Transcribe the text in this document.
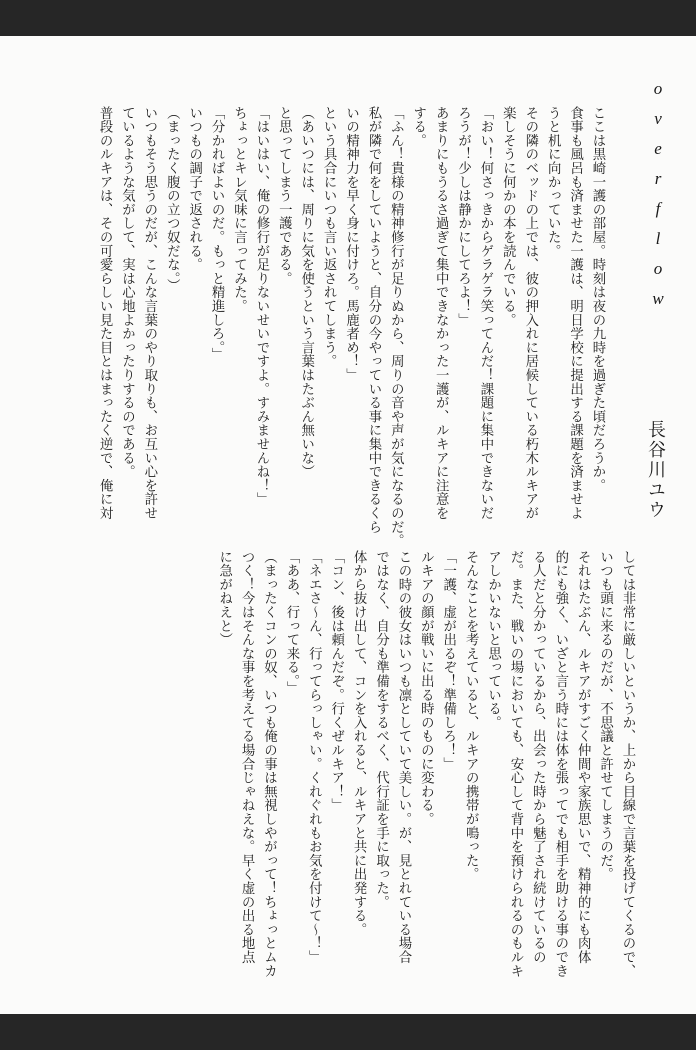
o
v
e
r
f
l
o
w
長谷川ユウ
ここは黒崎一護の部屋。時刻は夜の九時を過ぎた頃だろうか。
食事も風呂も済ませた一護は、明日学校に提出する課題を済ませよ
うと机に向かっていた。
その隣のベッドの上では、彼の押入れに居候している朽木ルキアが
楽しそうに何かの本を読んでいる。
「おい！何さっきからゲラゲラ笑ってんだ！課題に集中できないだ
ろうが！少しは静かにしてろよ！」
あまりにもうるさ過ぎて集中できなかった一護が、ルキアに注意を
する。
「ふん！貴様の精神修行が足りぬから、周りの音や声が気になるのだ。
私が隣で何をしていようと、自分の今やっている事に集中できるくら
いの精神力を早く身に付けろ。馬鹿者め！」
という具合にいつも言い返されてしまう。
（あいつには、周りに気を使うという言葉はたぶん無いな）
と思ってしまう一護である。
「はいはい、俺の修行が足りないせいですよ。すみませんね！」
ちょっとキレ気味に言ってみた。
「分かればよいのだ。もっと精進しろ。」
いつもの調子で返される。
（まったく腹の立つ奴だな。）
いつもそう思うのだが、こんな言葉のやり取りも、お互い心を許せ
ているような気がして、実は心地よかったりするのである。
普段のルキアは、その可愛らしい見た目とはまったく逆で、俺に対
しては非常に厳しいというか、上から目線で言葉を投げてくるので、
いつも頭に来るのだが、不思議と許せてしまうのだ。
それはたぶん、ルキアがすごく仲間や家族思いで、精神的にも肉体
的にも強く、いざと言う時には体を張ってでも相手を助ける事のでき
る人だと分かっているから、出会った時から魅了され続けているの
だ。また、戦いの場においても、安心して背中を預けられるのもルキ
アしかいないと思っている。
そんなことを考えていると、ルキアの携帯が鳴った。
「一護、虚が出るぞ！準備しろ！」
ルキアの顔が戦いに出る時のものに変わる。
この時の彼女はいつも凛としていて美しい。が、見とれている場合
ではなく、自分も準備をするべく、代行証を手に取った。
体から抜け出して、コンを入れると、ルキアと共に出発する。
「コン、後は頼んだぞ。行くぜルキア！」
「ネエさ～ん、行ってらっしゃい。くれぐれもお気を付けて～！」
「ああ、行って来る。」
（まったくコンの奴、いつも俺の事は無視しやがって！ちょっとムカ
つく！今はそんな事を考えてる場合じゃねえな。早く虚の出る地点
に急がねえと）
